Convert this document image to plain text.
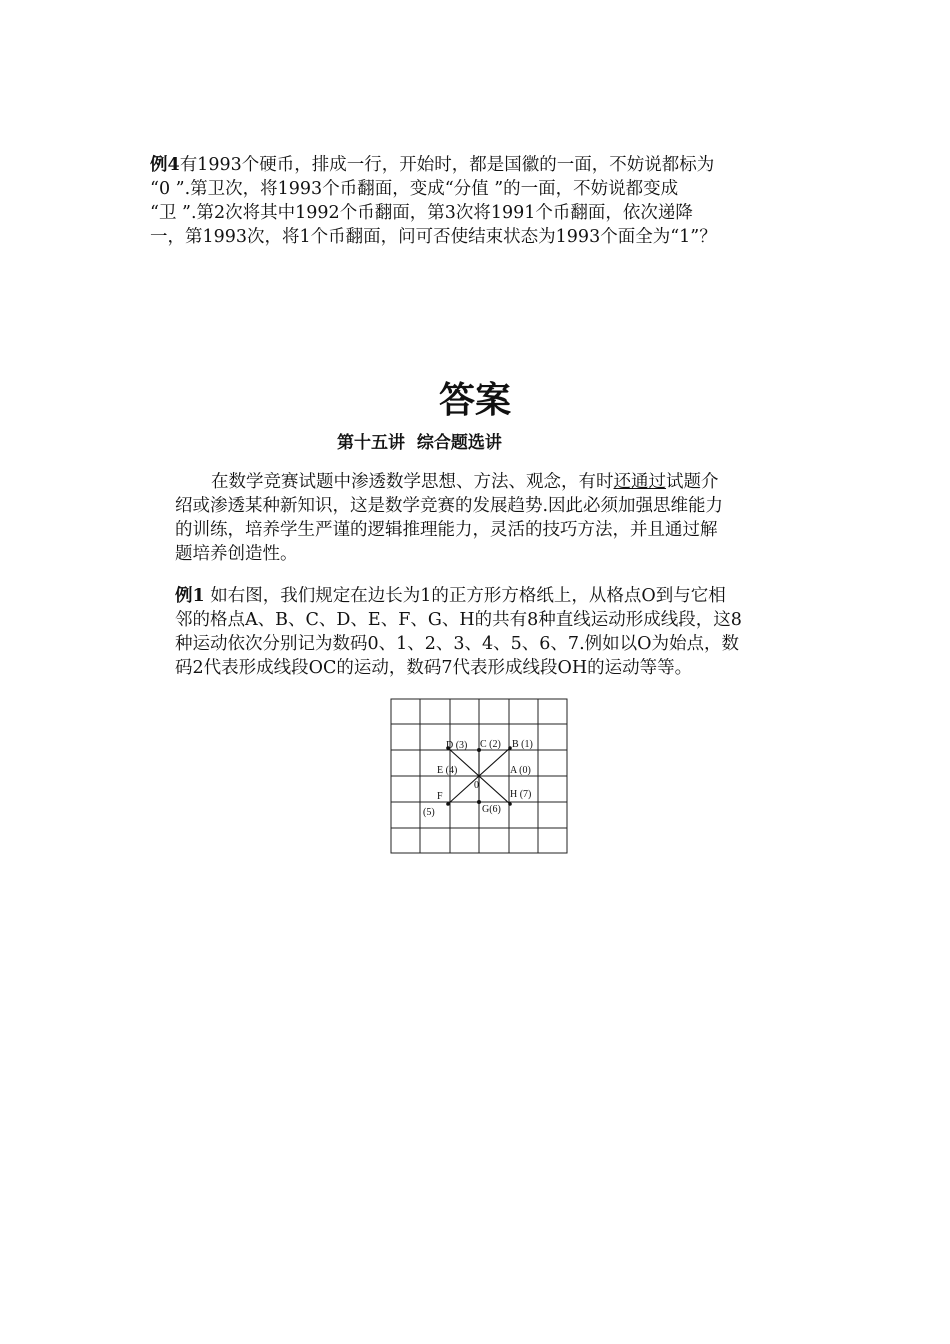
例4有1993个硬币，排成一行，开始时，都是国徽的一面，不妨说都标为
“0 ”.第卫次，将1993个币翻面，变成“分值 ”的一面，不妨说都变成
“卫 ”.第2次将其中1992个币翻面，第3次将1991个币翻面，依次递降
一，第1993次，将1个币翻面，问可否使结束状态为1993个面全为“1”？
答案
第十五讲  综合题选讲
在数学竞赛试题中渗透数学思想、方法、观念，有时还通过试题介
绍或渗透某种新知识，这是数学竞赛的发展趋势.因此必须加强思维能力
的训练，培养学生严谨的逻辑推理能力，灵活的技巧方法，并且通过解
题培养创造性。
例1 如右图，我们规定在边长为1的正方形方格纸上，从格点O到与它相
邻的格点A、B、C、D、E、F、G、H的共有8种直线运动形成线段，这8
种运动依次分别记为数码0、1、2、3、4、5、6、7.例如以O为始点，数
码2代表形成线段OC的运动，数码7代表形成线段OH的运动等等。
D (3) C (2) B (1)
E (4)	A (0)
0
H (7)
F
(5)	G(6)
